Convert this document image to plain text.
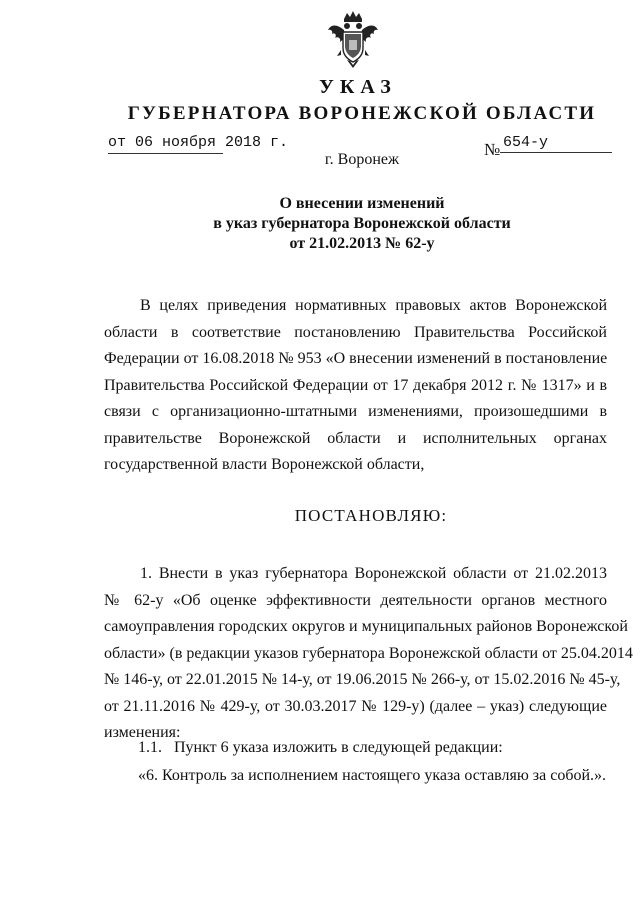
УКАЗ
ГУБЕРНАТОРА ВОРОНЕЖСКОЙ ОБЛАСТИ
от 06 ноября 2018 г.	№ 654-у
г. Воронеж
О внесении изменений
в указ губернатора Воронежской области
от 21.02.2013 № 62-у
В целях приведения нормативных правовых актов Воронежской
области в соответствие постановлению Правительства Российской
Федерации от 16.08.2018 № 953 «О внесении изменений в постановление
Правительства Российской Федерации от 17 декабря 2012 г. № 1317» и в
связи с организационно-штатными изменениями, произошедшими в
правительстве Воронежской области и исполнительных органах
государственной власти Воронежской области,
ПОСТАНОВЛЯЮ:
1. Внести в указ губернатора Воронежской области от 21.02.2013
№ 62-у «Об оценке эффективности деятельности органов местного
самоуправления городских округов и муниципальных районов Воронежской
области» (в редакции указов губернатора Воронежской области от 25.04.2014
№ 146-у, от 22.01.2015 № 14-у, от 19.06.2015 № 266-у, от 15.02.2016 № 45-у,
от 21.11.2016 № 429-у, от 30.03.2017 № 129-у) (далее – указ) следующие
изменения:
1.1.   Пункт 6 указа изложить в следующей редакции:
«6. Контроль за исполнением настоящего указа оставляю за собой.».
